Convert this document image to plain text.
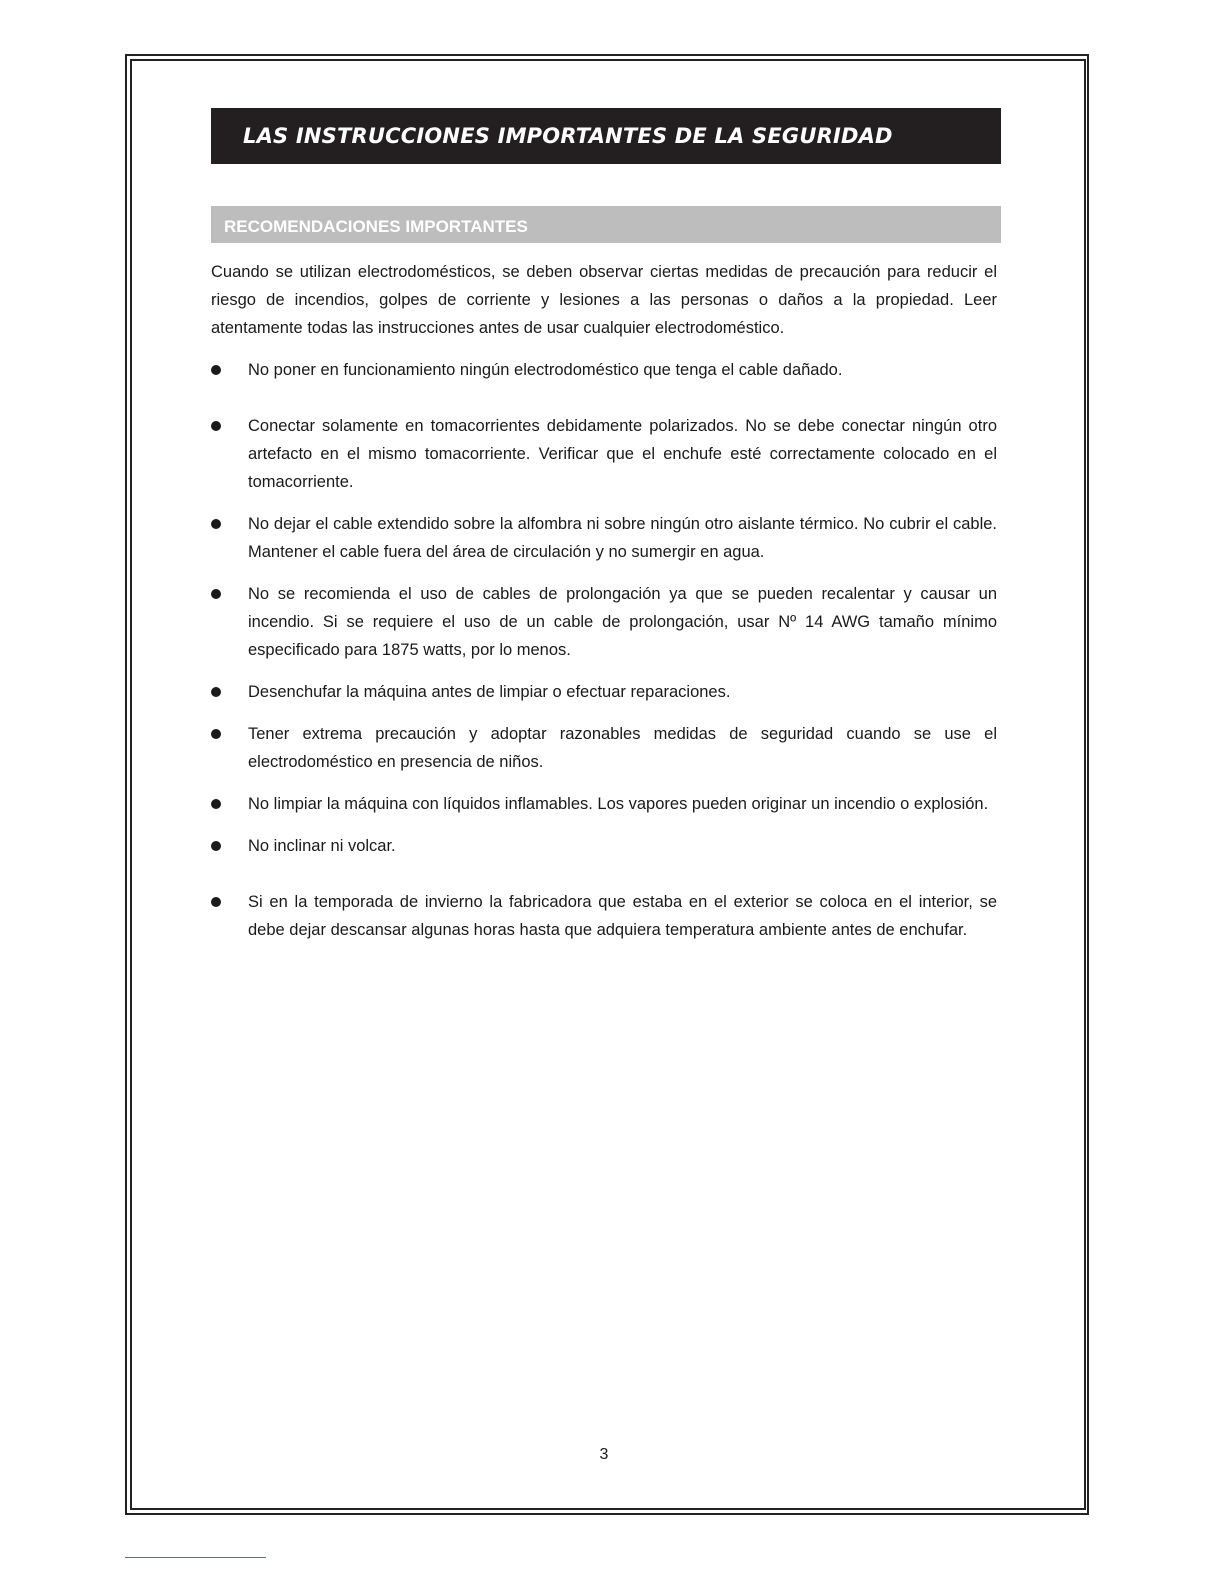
LAS INSTRUCCIONES IMPORTANTES DE LA SEGURIDAD
RECOMENDACIONES IMPORTANTES

Cuando se utilizan electrodomésticos, se deben observar ciertas medidas de precaución para reducir el riesgo de incendios, golpes de corriente y lesiones a las personas o daños a la propiedad. Leer atentamente todas las instrucciones antes de usar cualquier electrodoméstico.

No poner en funcionamiento ningún electrodoméstico que tenga el cable dañado.
Conectar solamente en tomacorrientes debidamente polarizados. No se debe conectar ningún otro artefacto en el mismo tomacorriente. Verificar que el enchufe esté correctamente colocado en el tomacorriente.
No dejar el cable extendido sobre la alfombra ni sobre ningún otro aislante térmico. No cubrir el cable. Mantener el cable fuera del área de circulación y no sumergir en agua.
No se recomienda el uso de cables de prolongación ya que se pueden recalentar y causar un incendio. Si se requiere el uso de un cable de prolongación, usar Nº 14 AWG tamaño mínimo especificado para 1875 watts, por lo menos.
Desenchufar la máquina antes de limpiar o efectuar reparaciones.
Tener extrema precaución y adoptar razonables medidas de seguridad cuando se use el electrodoméstico en presencia de niños.
No limpiar la máquina con líquidos inflamables. Los vapores pueden originar un incendio o explosión.
No inclinar ni volcar.
Si en la temporada de invierno la fabricadora que estaba en el exterior se coloca en el interior, se debe dejar descansar algunas horas hasta que adquiera temperatura ambiente antes de enchufar.
3
